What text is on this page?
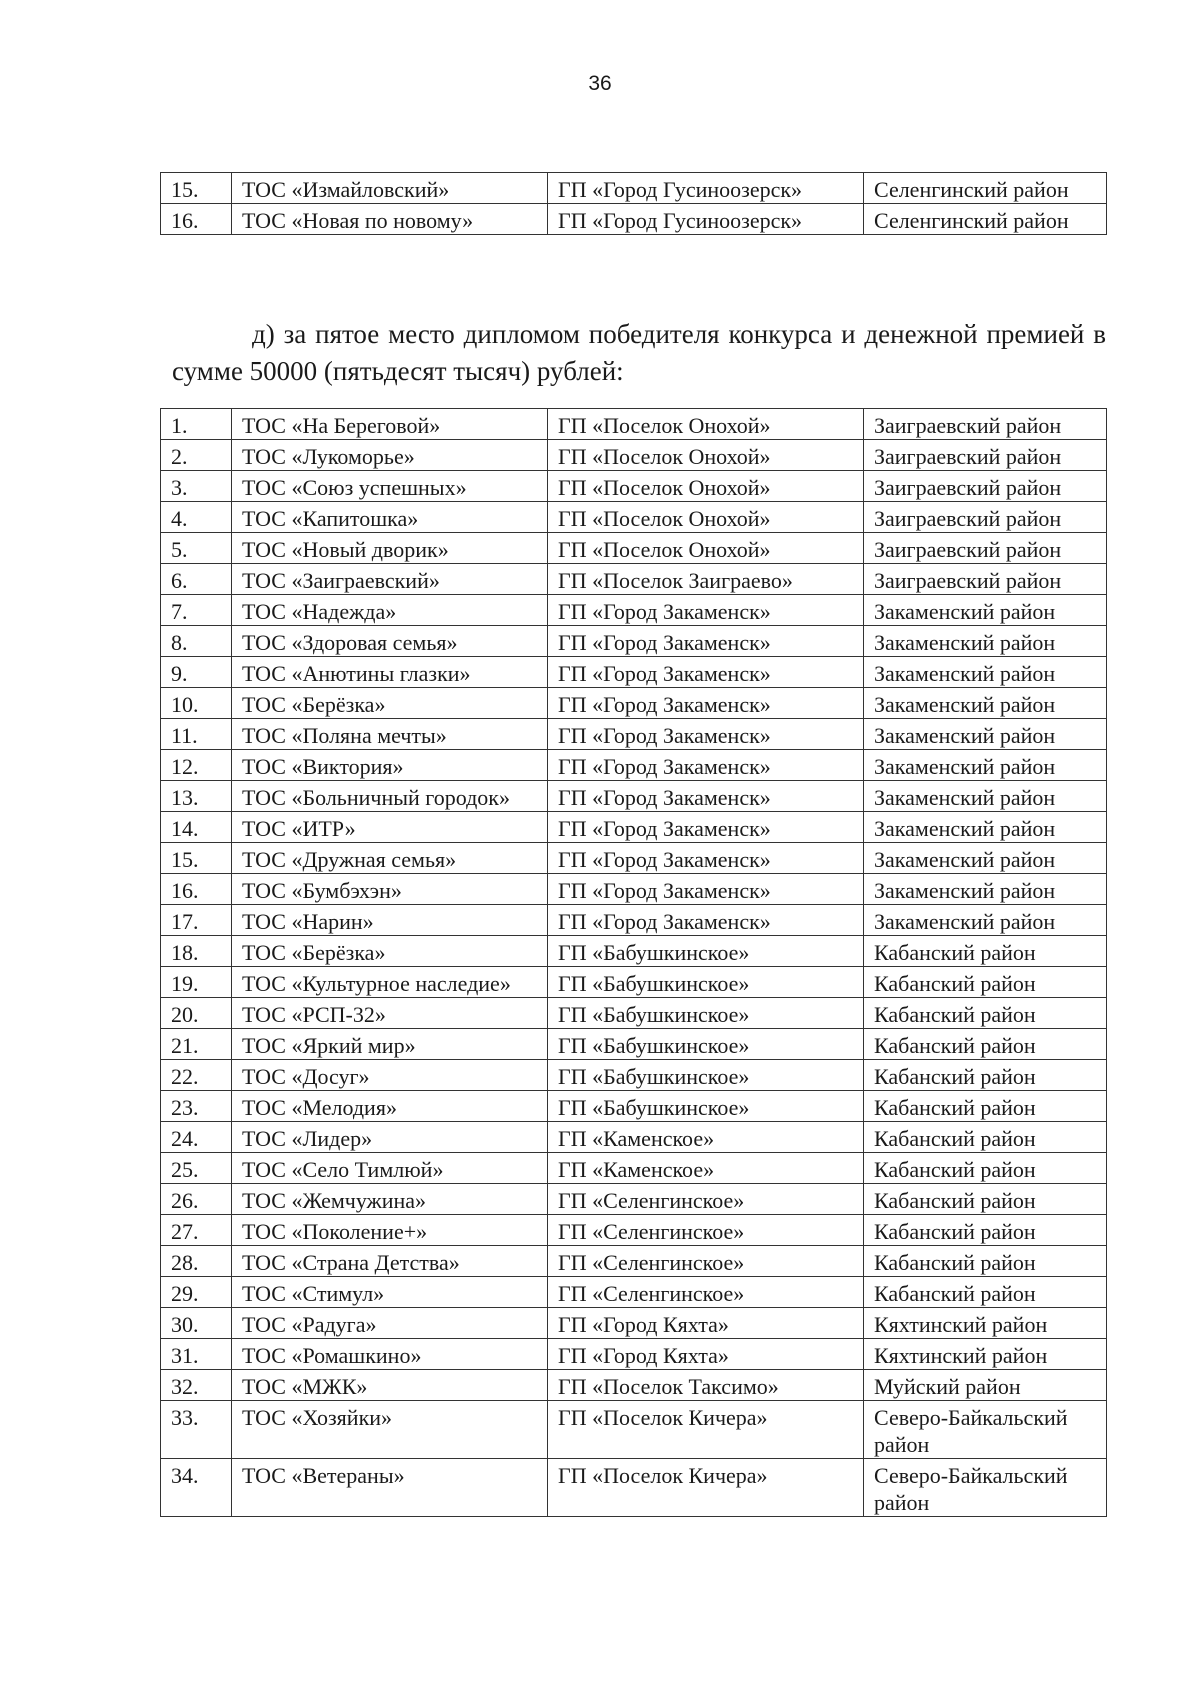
36
15.	ТОС «Измайловский»	ГП «Город Гусиноозерск»	Селенгинский район
16.	ТОС «Новая по новому»	ГП «Город Гусиноозерск»	Селенгинский район

д) за пятое место дипломом победителя конкурса и денежной премией в сумме 50000 (пятьдесят тысяч) рублей:

1.	ТОС «На Береговой»	ГП «Поселок Онохой»	Заиграевский район
2.	ТОС «Лукоморье»	ГП «Поселок Онохой»	Заиграевский район
3.	ТОС «Союз успешных»	ГП «Поселок Онохой»	Заиграевский район
4.	ТОС «Капитошка»	ГП «Поселок Онохой»	Заиграевский район
5.	ТОС «Новый дворик»	ГП «Поселок Онохой»	Заиграевский район
6.	ТОС «Заиграевский»	ГП «Поселок Заиграево»	Заиграевский район
7.	ТОС «Надежда»	ГП «Город Закаменск»	Закаменский район
8.	ТОС «Здоровая семья»	ГП «Город Закаменск»	Закаменский район
9.	ТОС «Анютины глазки»	ГП «Город Закаменск»	Закаменский район
10.	ТОС «Берёзка»	ГП «Город Закаменск»	Закаменский район
11.	ТОС «Поляна мечты»	ГП «Город Закаменск»	Закаменский район
12.	ТОС «Виктория»	ГП «Город Закаменск»	Закаменский район
13.	ТОС «Больничный городок»	ГП «Город Закаменск»	Закаменский район
14.	ТОС «ИТР»	ГП «Город Закаменск»	Закаменский район
15.	ТОС «Дружная семья»	ГП «Город Закаменск»	Закаменский район
16.	ТОС «Бумбэхэн»	ГП «Город Закаменск»	Закаменский район
17.	ТОС «Нарин»	ГП «Город Закаменск»	Закаменский район
18.	ТОС «Берёзка»	ГП «Бабушкинское»	Кабанский район
19.	ТОС «Культурное наследие»	ГП «Бабушкинское»	Кабанский район
20.	ТОС «РСП-32»	ГП «Бабушкинское»	Кабанский район
21.	ТОС «Яркий мир»	ГП «Бабушкинское»	Кабанский район
22.	ТОС «Досуг»	ГП «Бабушкинское»	Кабанский район
23.	ТОС «Мелодия»	ГП «Бабушкинское»	Кабанский район
24.	ТОС «Лидер»	ГП «Каменское»	Кабанский район
25.	ТОС «Село Тимлюй»	ГП «Каменское»	Кабанский район
26.	ТОС «Жемчужина»	ГП «Селенгинское»	Кабанский район
27.	ТОС «Поколение+»	ГП «Селенгинское»	Кабанский район
28.	ТОС «Страна Детства»	ГП «Селенгинское»	Кабанский район
29.	ТОС «Стимул»	ГП «Селенгинское»	Кабанский район
30.	ТОС «Радуга»	ГП «Город Кяхта»	Кяхтинский район
31.	ТОС «Ромашкино»	ГП «Город Кяхта»	Кяхтинский район
32.	ТОС «МЖК»	ГП «Поселок Таксимо»	Муйский район
33.	ТОС «Хозяйки»	ГП «Поселок Кичера»	Северо-Байкальский район
34.	ТОС «Ветераны»	ГП «Поселок Кичера»	Северо-Байкальский район
